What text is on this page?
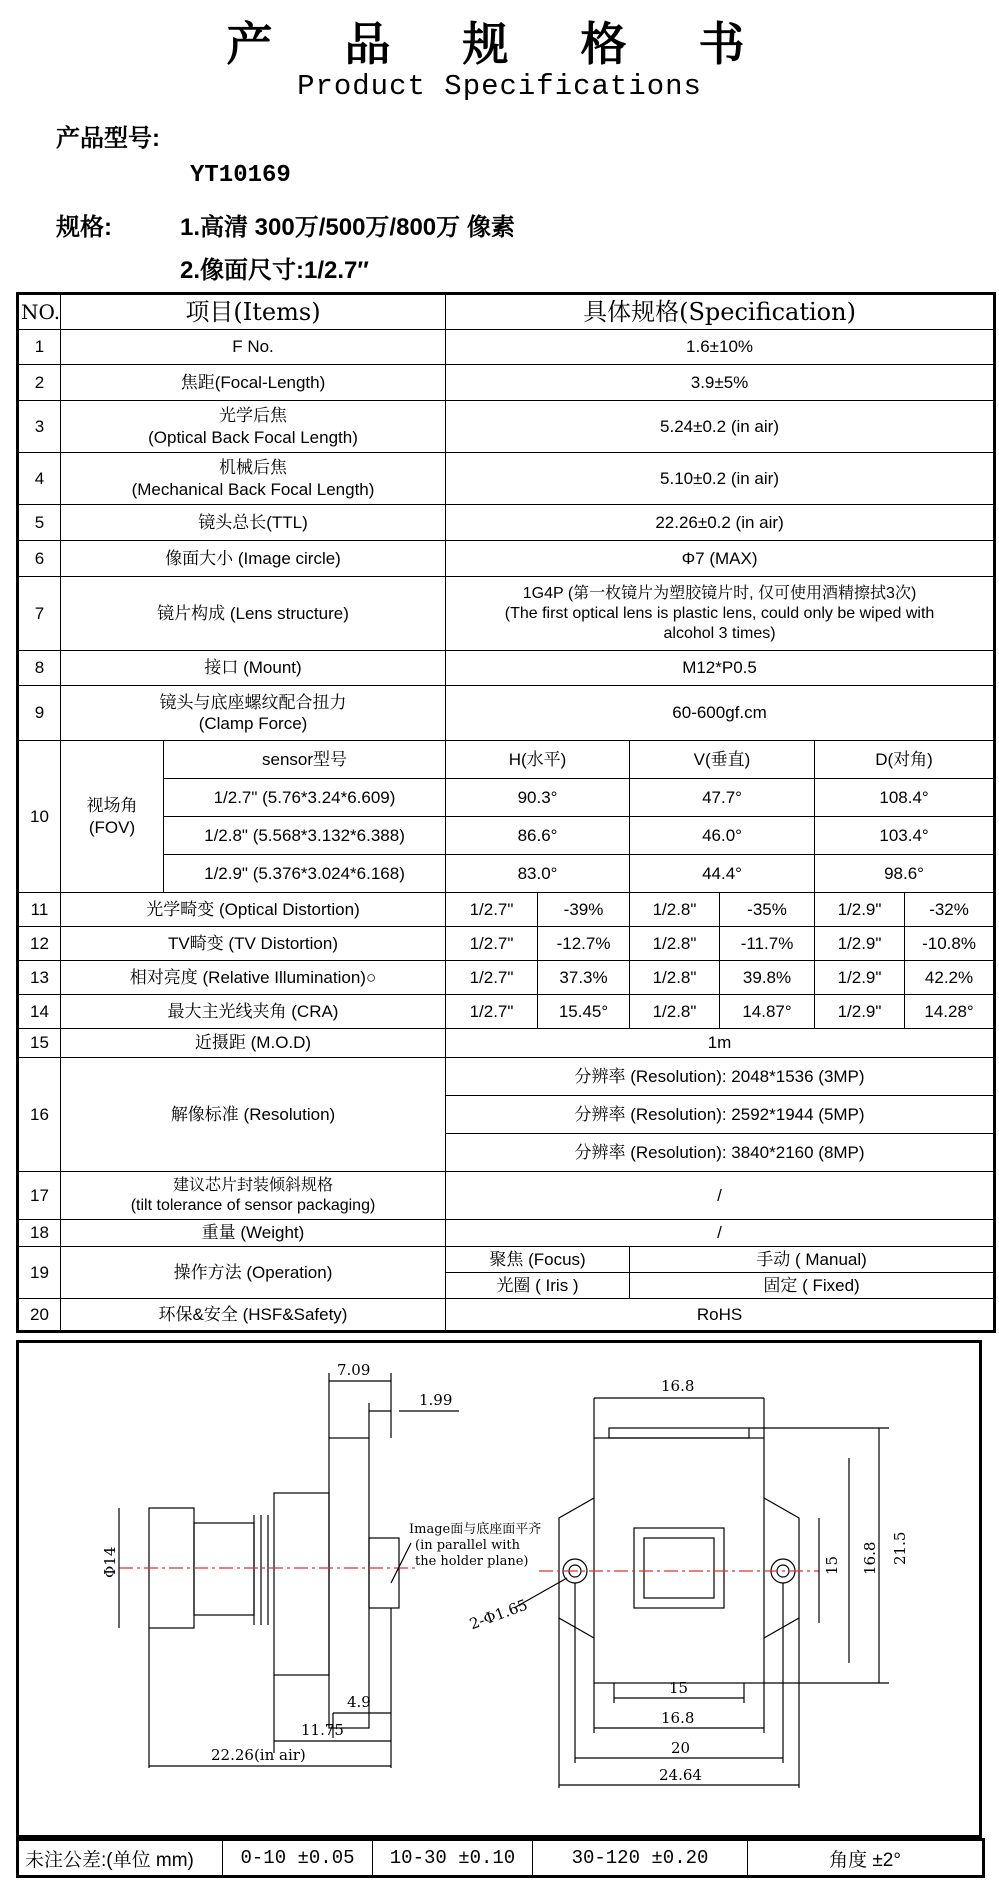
产 品 规 格 书
Product Specifications
产品型号:
YT10169
规格:	1.高清 300万/500万/800万 像素
2.像面尺寸:1/2.7″
NO.	项目(Items)		具体规格(Specification)					
1	F No.		1.6±10%					
2	焦距(Focal-Length)		3.9±5%					
3	光学后焦
(Optical Back Focal Length)		5.24±0.2 (in air)					
4	机械后焦
(Mechanical Back Focal Length)		5.10±0.2 (in air)					
5	镜头总长(TTL)		22.26±0.2 (in air)					
6	像面大小 (Image circle)		Φ7 (MAX)					
7	镜片构成 (Lens structure)		1G4P (第一枚镜片为塑胶镜片时, 仅可使用酒精擦拭3次)
(The first optical lens is plastic lens, could only be wiped with
alcohol 3 times)					

8	接口 (Mount)		M12*P0.5					
9	镜头与底座螺纹配合扭力
(Clamp Force)		60-600gf.cm					
10	视场角
(FOV)	sensor型号	H(水平)		V(垂直)		D(对角)	
		1/2.7" (5.76*3.24*6.609)	90.3°		47.7°		108.4°	
		1/2.8" (5.568*3.132*6.388)	86.6°		46.0°		103.4°	
		1/2.9" (5.376*3.024*6.168)	83.0°		44.4°		98.6°	
11	光学畸变 (Optical Distortion)		1/2.7"	-39%	1/2.8"	-35%	1/2.9"	-32%
12	TV畸变 (TV Distortion)		1/2.7"	-12.7%	1/2.8"	-11.7%	1/2.9"	-10.8%
13	相对亮度 (Relative Illumination)○		1/2.7"	37.3%	1/2.8"	39.8%	1/2.9"	42.2%
14	最大主光线夹角 (CRA)		1/2.7"	15.45°	1/2.8"	14.87°	1/2.9"	14.28°
15	近摄距 (M.O.D)		1m					
16	解像标准 (Resolution)		分辨率 (Resolution): 2048*1536 (3MP)					
			分辨率 (Resolution): 2592*1944 (5MP)					
			分辨率 (Resolution): 3840*2160 (8MP)					
17	建议芯片封装倾斜规格
(tilt tolerance of sensor packaging)		/					
18	重量 (Weight)		/					
19	操作方法 (Operation)		聚焦 (Focus)		手动 ( Manual)			
			光圈 ( Iris )		固定 ( Fixed)			
20	环保&安全 (HSF&Safety)		RoHS					
7.09
1.99
Φ14
4.9
11.75
22.26(in air)
Image面与底座面平齐
(in parallel with
the holder plane)
2-Φ1.65
16.8
21.5
16.8
15
15
16.8
20
24.64
未注公差:(单位 mm)	0-10 ±0.05	10-30 ±0.10	30-120 ±0.20	角度 ±2°
